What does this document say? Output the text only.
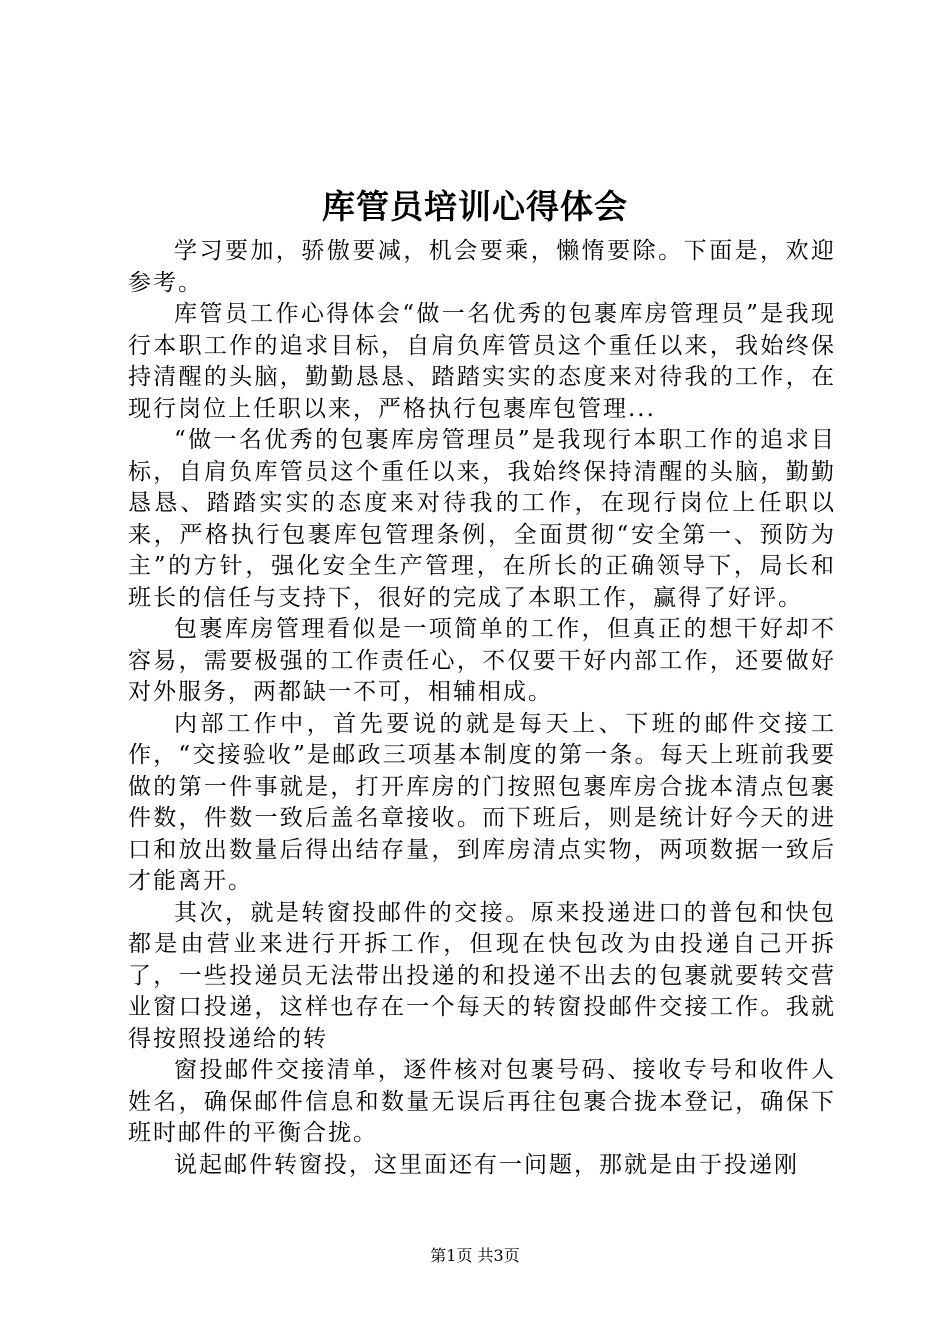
库管员培训心得体会

学习要加，骄傲要减，机会要乘，懒惰要除。下面是，欢迎参考。

库管员工作心得体会“做一名优秀的包裹库房管理员”是我现行本职工作的追求目标，自肩负库管员这个重任以来，我始终保持清醒的头脑，勤勤恳恳、踏踏实实的态度来对待我的工作，在现行岗位上任职以来，严格执行包裹库包管理...

“做一名优秀的包裹库房管理员”是我现行本职工作的追求目标，自肩负库管员这个重任以来，我始终保持清醒的头脑，勤勤恳恳、踏踏实实的态度来对待我的工作，在现行岗位上任职以来，严格执行包裹库包管理条例，全面贯彻“安全第一、预防为主”的方针，强化安全生产管理，在所长的正确领导下，局长和班长的信任与支持下，很好的完成了本职工作，赢得了好评。

包裹库房管理看似是一项简单的工作，但真正的想干好却不容易，需要极强的工作责任心，不仅要干好内部工作，还要做好对外服务，两都缺一不可，相辅相成。

内部工作中，首先要说的就是每天上、下班的邮件交接工作，“交接验收”是邮政三项基本制度的第一条。每天上班前我要做的第一件事就是，打开库房的门按照包裹库房合拢本清点包裹件数，件数一致后盖名章接收。而下班后，则是统计好今天的进口和放出数量后得出结存量，到库房清点实物，两项数据一致后才能离开。

其次，就是转窗投邮件的交接。原来投递进口的普包和快包都是由营业来进行开拆工作，但现在快包改为由投递自己开拆了，一些投递员无法带出投递的和投递不出去的包裹就要转交营业窗口投递，这样也存在一个每天的转窗投邮件交接工作。我就得按照投递给的转

窗投邮件交接清单，逐件核对包裹号码、接收专号和收件人姓名，确保邮件信息和数量无误后再往包裹合拢本登记，确保下班时邮件的平衡合拢。

说起邮件转窗投，这里面还有一问题，那就是由于投递刚

第1页 共3页
